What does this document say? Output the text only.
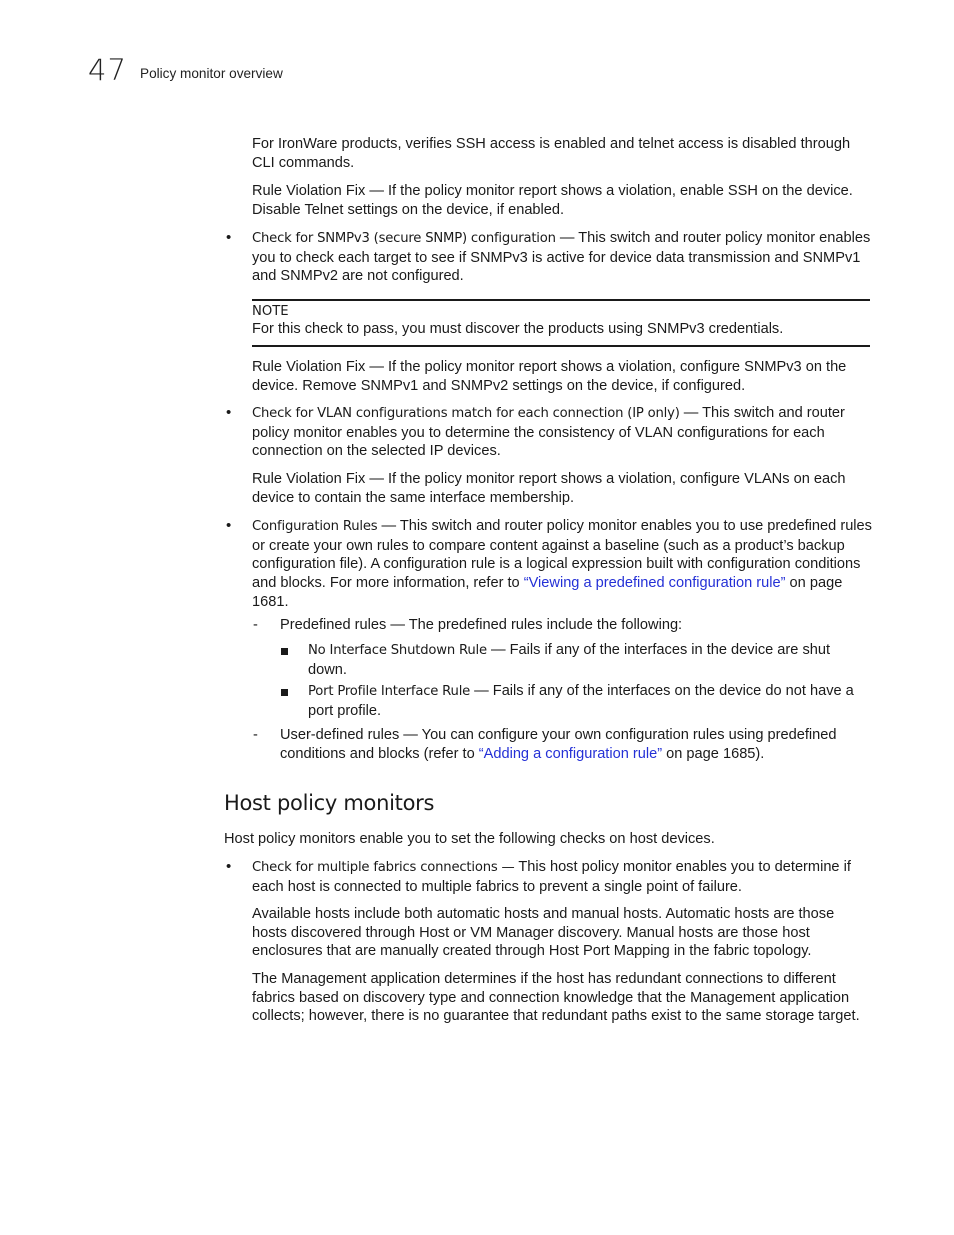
47 Policy monitor overview
For IronWare products, verifies SSH access is enabled and telnet access is disabled through CLI commands.
Rule Violation Fix — If the policy monitor report shows a violation, enable SSH on the device. Disable Telnet settings on the device, if enabled.
• Check for SNMPv3 (secure SNMP) configuration — This switch and router policy monitor enables you to check each target to see if SNMPv3 is active for device data transmission and SNMPv1 and SNMPv2 are not configured.
NOTE
For this check to pass, you must discover the products using SNMPv3 credentials.
Rule Violation Fix — If the policy monitor report shows a violation, configure SNMPv3 on the device. Remove SNMPv1 and SNMPv2 settings on the device, if configured.
• Check for VLAN configurations match for each connection (IP only) — This switch and router policy monitor enables you to determine the consistency of VLAN configurations for each connection on the selected IP devices.
Rule Violation Fix — If the policy monitor report shows a violation, configure VLANs on each device to contain the same interface membership.
• Configuration Rules — This switch and router policy monitor enables you to use predefined rules or create your own rules to compare content against a baseline (such as a product’s backup configuration file). A configuration rule is a logical expression built with configuration conditions and blocks. For more information, refer to “Viewing a predefined configuration rule” on page 1681.
- Predefined rules — The predefined rules include the following:
No Interface Shutdown Rule — Fails if any of the interfaces in the device are shut down.
Port Profile Interface Rule — Fails if any of the interfaces on the device do not have a port profile.
- User-defined rules — You can configure your own configuration rules using predefined conditions and blocks (refer to “Adding a configuration rule” on page 1685).
Host policy monitors
Host policy monitors enable you to set the following checks on host devices.
• Check for multiple fabrics connections — This host policy monitor enables you to determine if each host is connected to multiple fabrics to prevent a single point of failure.
Available hosts include both automatic hosts and manual hosts. Automatic hosts are those hosts discovered through Host or VM Manager discovery. Manual hosts are those host enclosures that are manually created through Host Port Mapping in the fabric topology.
The Management application determines if the host has redundant connections to different fabrics based on discovery type and connection knowledge that the Management application collects; however, there is no guarantee that redundant paths exist to the same storage target.
